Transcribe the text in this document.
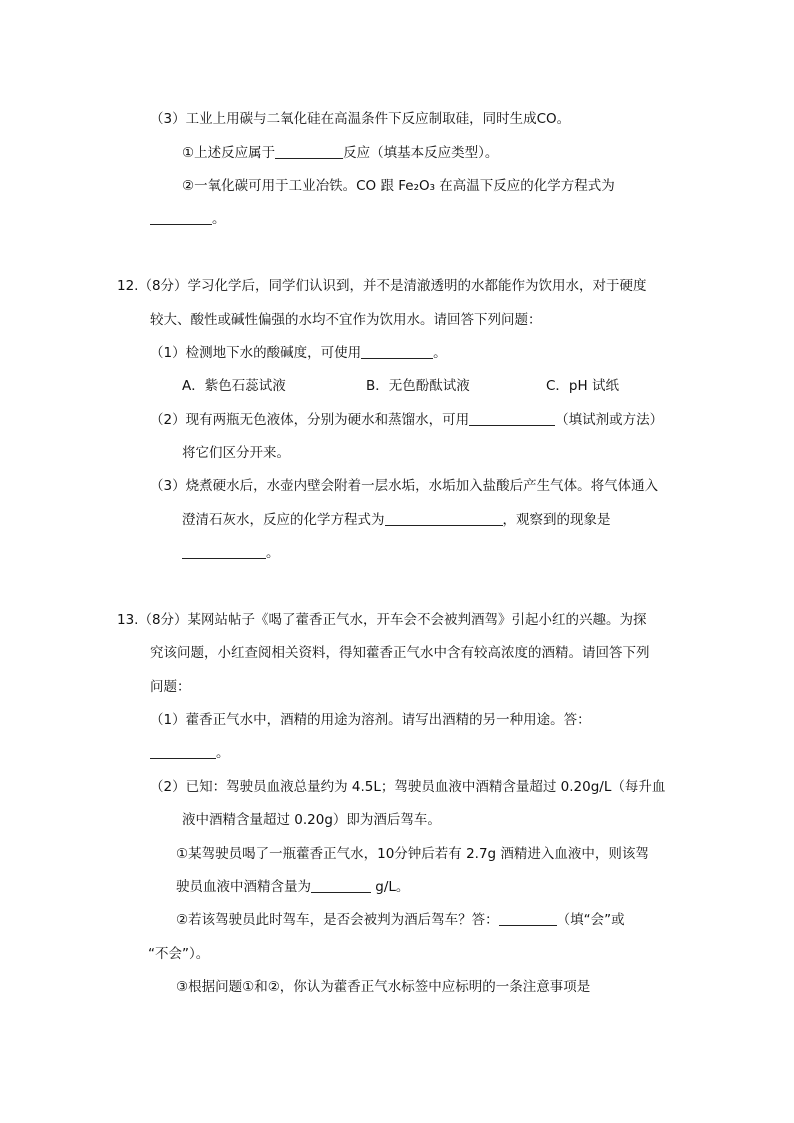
（3）工业上用碳与二氧化硅在高温条件下反应制取硅，同时生成CO。
①上述反应属于	反应（填基本反应类型）。
②一氧化碳可用于工业冶铁。CO 跟 Fe₂O₃ 在高温下反应的化学方程式为
。
12.（8分）学习化学后，同学们认识到，并不是清澈透明的水都能作为饮用水，对于硬度
较大、酸性或碱性偏强的水均不宜作为饮用水。请回答下列问题：
（1）检测地下水的酸碱度，可使用	。
A．紫色石蕊试液	B．无色酚酞试液	C．pH 试纸
（2）现有两瓶无色液体，分别为硬水和蒸馏水，可用	（填试剂或方法）
将它们区分开来。
（3）烧煮硬水后，水壶内壁会附着一层水垢，水垢加入盐酸后产生气体。将气体通入
澄清石灰水，反应的化学方程式为	，观察到的现象是
。
13.（8分）某网站帖子《喝了藿香正气水，开车会不会被判酒驾》引起小红的兴趣。为探
究该问题，小红查阅相关资料，得知藿香正气水中含有较高浓度的酒精。请回答下列
问题：
（1）藿香正气水中，酒精的用途为溶剂。请写出酒精的另一种用途。答：
。
（2）已知：驾驶员血液总量约为 4.5L；驾驶员血液中酒精含量超过 0.20g/L（每升血
液中酒精含量超过 0.20g）即为酒后驾车。
①某驾驶员喝了一瓶藿香正气水，10分钟后若有 2.7g 酒精进入血液中，则该驾
驶员血液中酒精含量为	g/L。
②若该驾驶员此时驾车，是否会被判为酒后驾车？答：	（填“会”或
“不会”）。
③根据问题①和②，你认为藿香正气水标签中应标明的一条注意事项是
